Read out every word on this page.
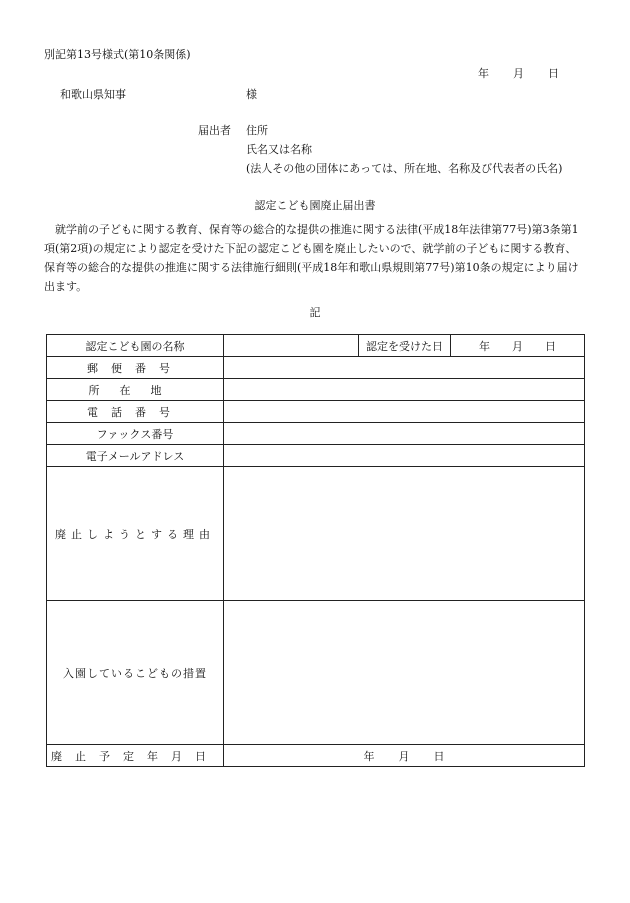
別記第13号様式(第10条関係)
年 月 日
和歌山県知事	様
届出者 住所
氏名又は名称
(法人その他の団体にあっては、所在地、名称及び代表者の氏名)
認定こども園廃止届出書
就学前の子どもに関する教育、保育等の総合的な提供の推進に関する法律(平成18年法律第77号)第3条第1項(第2項)の規定により認定を受けた下記の認定こども園を廃止したいので、就学前の子どもに関する教育、保育等の総合的な提供の推進に関する法律施行細則(平成18年和歌山県規則第77号)第10条の規定により届け出ます。
記
認定こども園の名称		認定を受けた日	年 月 日
郵便番号			
所在地			
電話番号			
ファックス番号			
電子メールアドレス			
廃止しようとする理由			
入園しているこどもの措置			
廃止予定年月日	年 月 日		
